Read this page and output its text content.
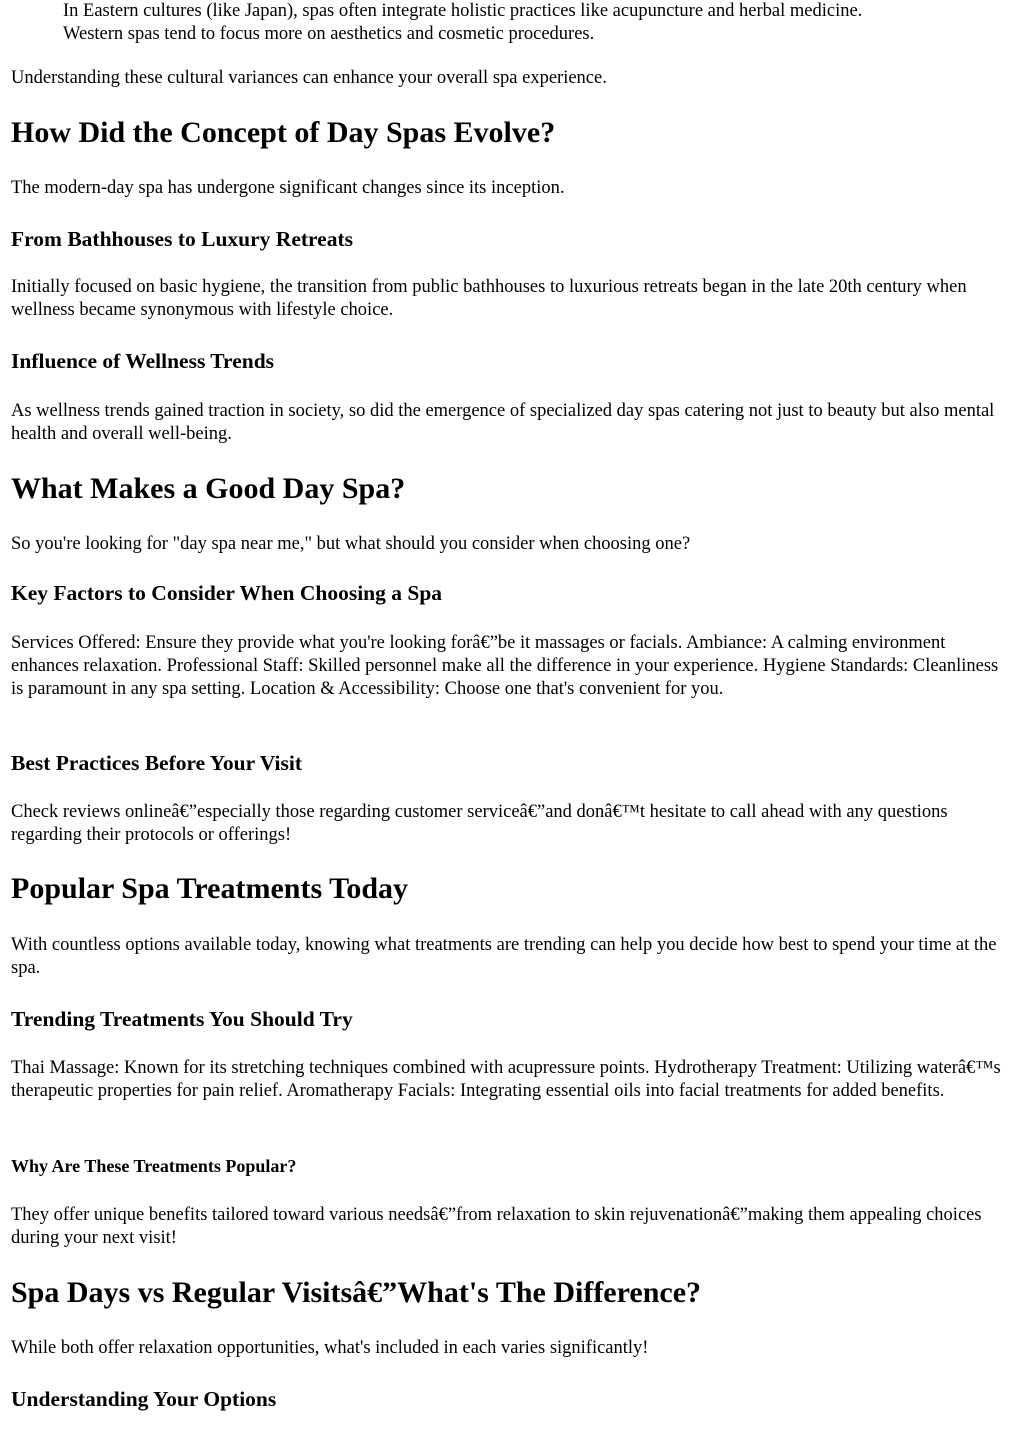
In Eastern cultures (like Japan), spas often integrate holistic practices like acupuncture and herbal medicine.
Western spas tend to focus more on aesthetics and cosmetic procedures.

Understanding these cultural variances can enhance your overall spa experience.

How Did the Concept of Day Spas Evolve?

The modern-day spa has undergone significant changes since its inception.

From Bathhouses to Luxury Retreats

Initially focused on basic hygiene, the transition from public bathhouses to luxurious retreats began in the late 20th century when wellness became synonymous with lifestyle choice.

Influence of Wellness Trends

As wellness trends gained traction in society, so did the emergence of specialized day spas catering not just to beauty but also mental health and overall well-being.

What Makes a Good Day Spa?

So you're looking for "day spa near me," but what should you consider when choosing one?

Key Factors to Consider When Choosing a Spa

Services Offered: Ensure they provide what you're looking forâ€”be it massages or facials. Ambiance: A calming environment enhances relaxation. Professional Staff: Skilled personnel make all the difference in your experience. Hygiene Standards: Cleanliness is paramount in any spa setting. Location & Accessibility: Choose one that's convenient for you.

Best Practices Before Your Visit

Check reviews onlineâ€”especially those regarding customer serviceâ€”and donâ€™t hesitate to call ahead with any questions regarding their protocols or offerings!

Popular Spa Treatments Today

With countless options available today, knowing what treatments are trending can help you decide how best to spend your time at the spa.

Trending Treatments You Should Try

Thai Massage: Known for its stretching techniques combined with acupressure points. Hydrotherapy Treatment: Utilizing waterâ€™s therapeutic properties for pain relief. Aromatherapy Facials: Integrating essential oils into facial treatments for added benefits.

Why Are These Treatments Popular?

They offer unique benefits tailored toward various needsâ€”from relaxation to skin rejuvenationâ€”making them appealing choices during your next visit!

Spa Days vs Regular Visitsâ€”What's The Difference?

While both offer relaxation opportunities, what's included in each varies significantly!

Understanding Your Options
